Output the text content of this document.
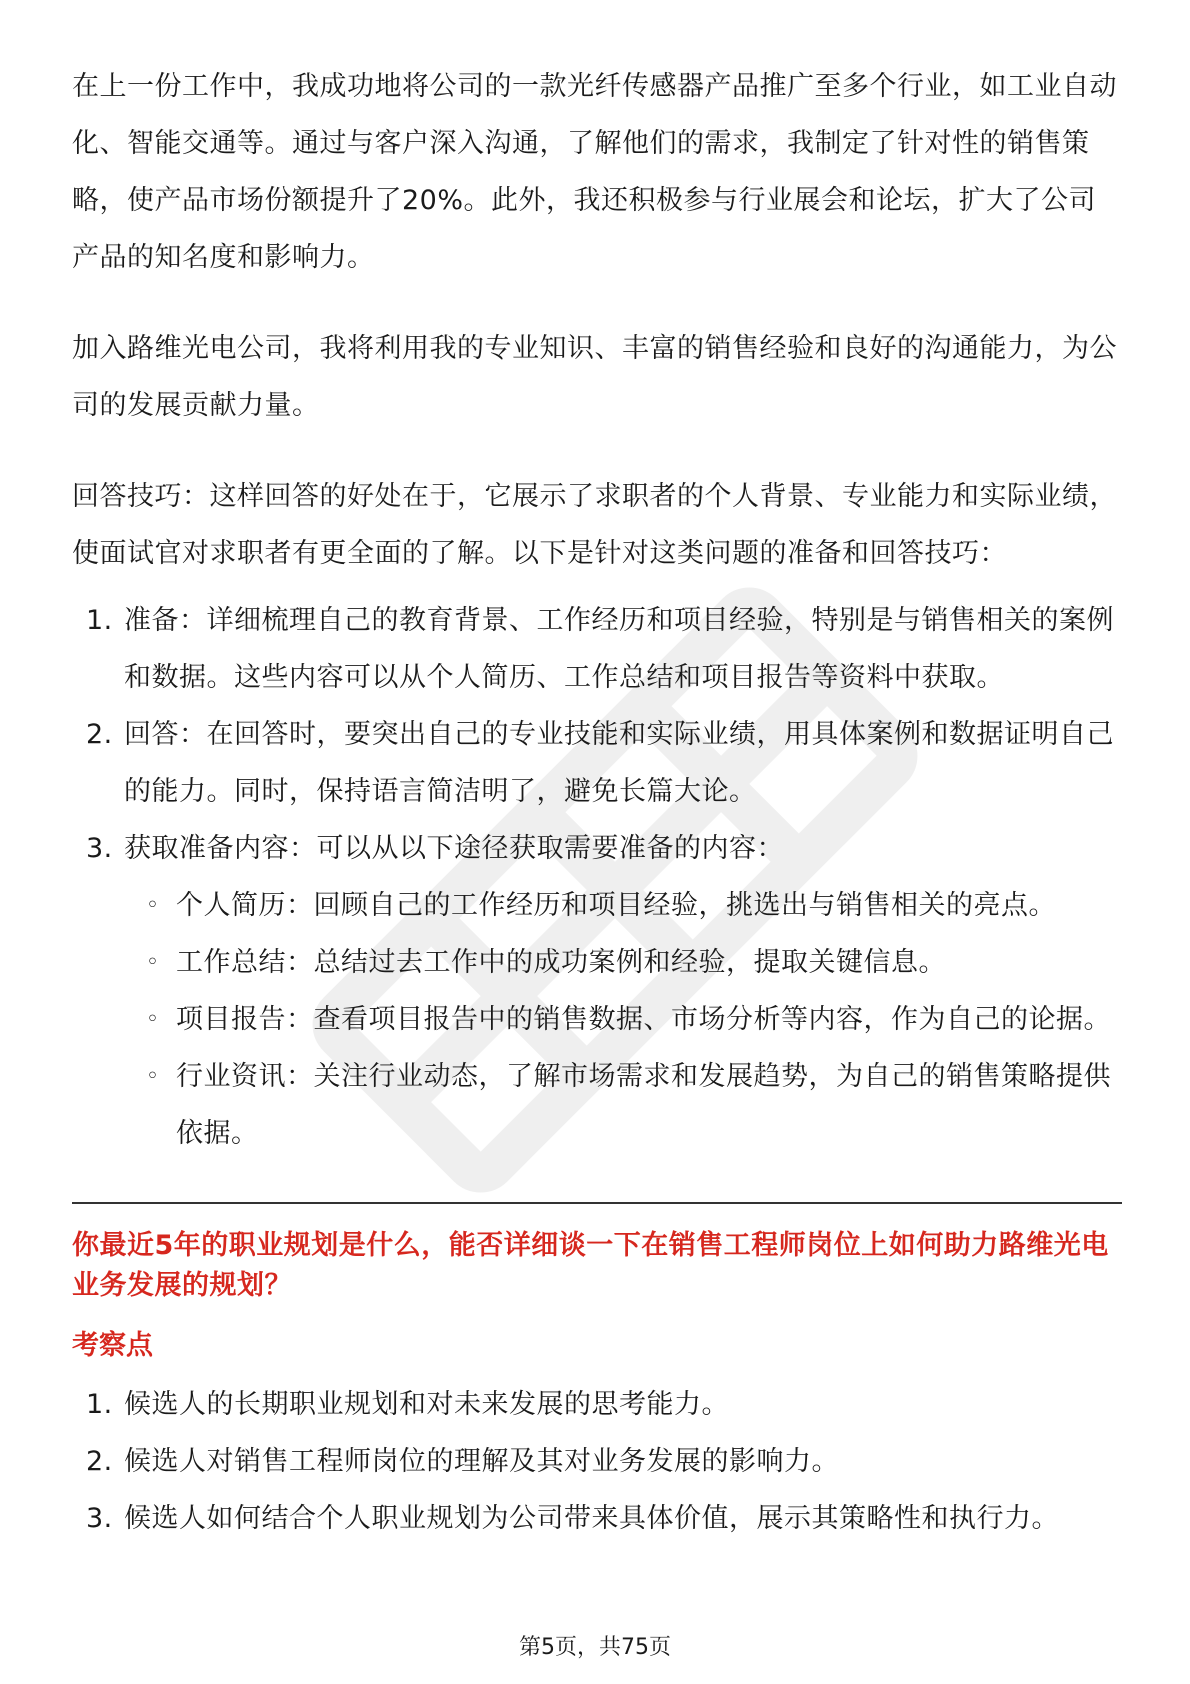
在上一份工作中，我成功地将公司的一款光纤传感器产品推广至多个行业，如工业自动化、智能交通等。通过与客户深入沟通，了解他们的需求，我制定了针对性的销售策略，使产品市场份额提升了20%。此外，我还积极参与行业展会和论坛，扩大了公司产品的知名度和影响力。

加入路维光电公司，我将利用我的专业知识、丰富的销售经验和良好的沟通能力，为公司的发展贡献力量。

回答技巧：这样回答的好处在于，它展示了求职者的个人背景、专业能力和实际业绩，使面试官对求职者有更全面的了解。以下是针对这类问题的准备和回答技巧：

1. 准备：详细梳理自己的教育背景、工作经历和项目经验，特别是与销售相关的案例和数据。这些内容可以从个人简历、工作总结和项目报告等资料中获取。
2. 回答：在回答时，要突出自己的专业技能和实际业绩，用具体案例和数据证明自己的能力。同时，保持语言简洁明了，避免长篇大论。
3. 获取准备内容：可以从以下途径获取需要准备的内容：
◦ 个人简历：回顾自己的工作经历和项目经验，挑选出与销售相关的亮点。
◦ 工作总结：总结过去工作中的成功案例和经验，提取关键信息。
◦ 项目报告：查看项目报告中的销售数据、市场分析等内容，作为自己的论据。
◦ 行业资讯：关注行业动态，了解市场需求和发展趋势，为自己的销售策略提供依据。

你最近5年的职业规划是什么，能否详细谈一下在销售工程师岗位上如何助力路维光电业务发展的规划？

考察点

1. 候选人的长期职业规划和对未来发展的思考能力。
2. 候选人对销售工程师岗位的理解及其对业务发展的影响力。
3. 候选人如何结合个人职业规划为公司带来具体价值，展示其策略性和执行力。
第5页，共75页
